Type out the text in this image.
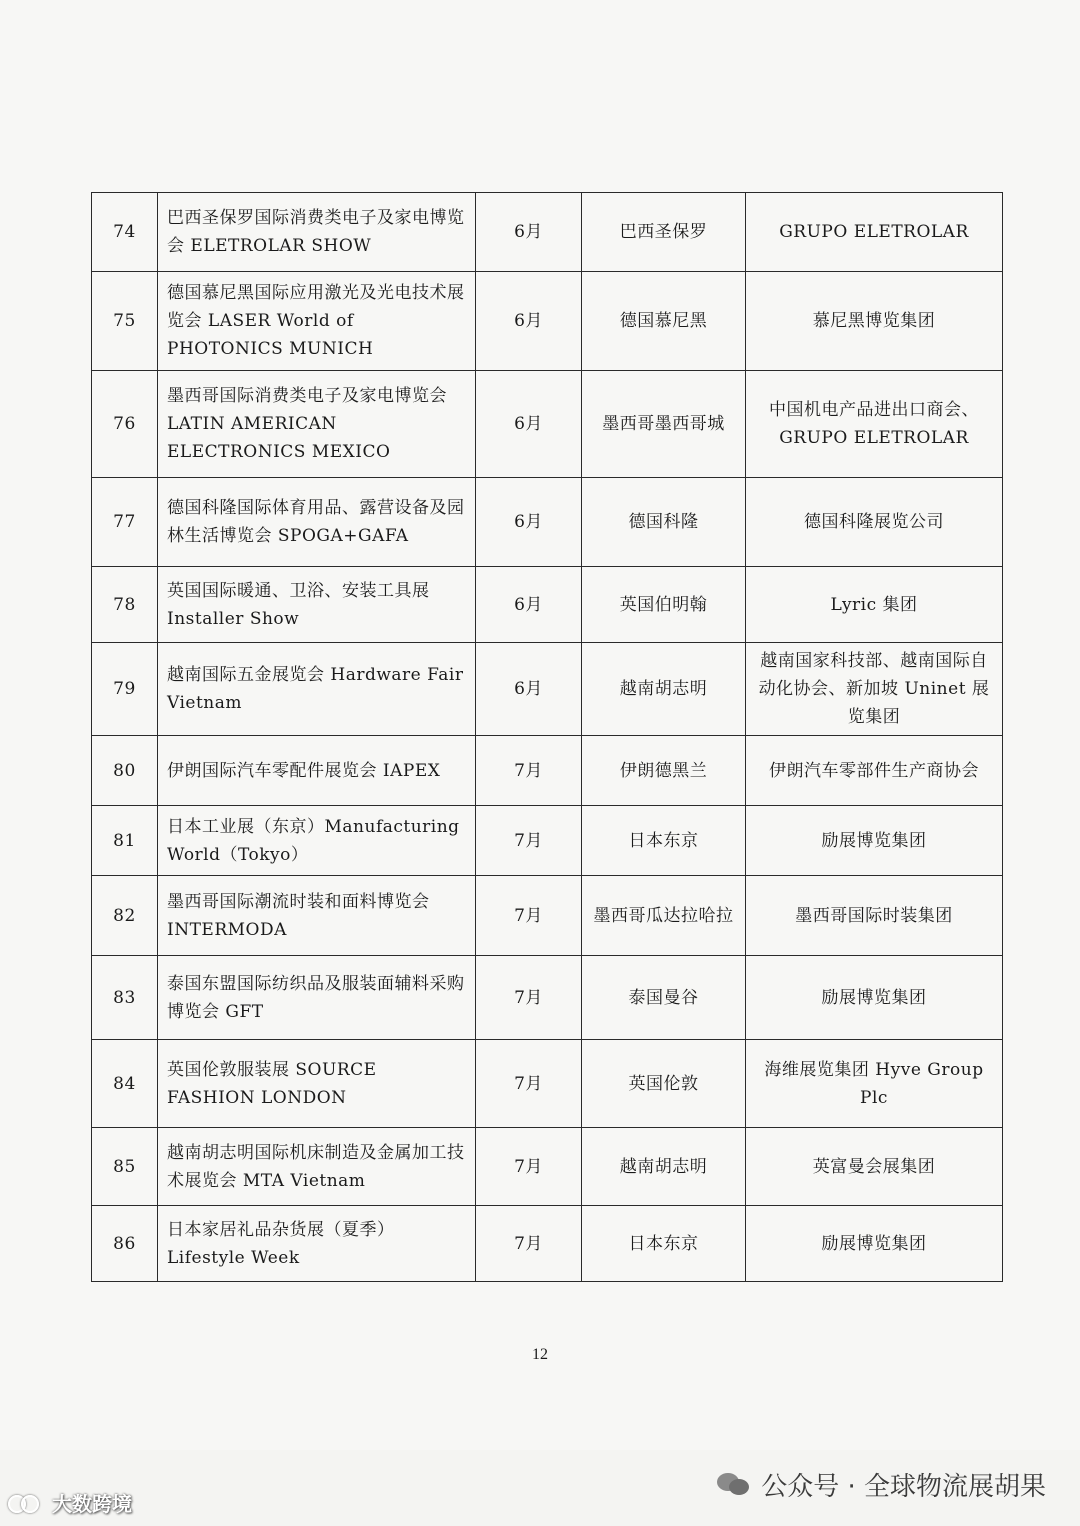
74	巴西圣保罗国际消费类电子及家电博览会 ELETROLAR SHOW	6月	巴西圣保罗	GRUPO ELETROLAR
75	德国慕尼黑国际应用激光及光电技术展览会 LASER World of PHOTONICS MUNICH	6月	德国慕尼黑	慕尼黑博览集团
76	墨西哥国际消费类电子及家电博览会 LATIN AMERICAN ELECTRONICS MEXICO	6月	墨西哥墨西哥城	中国机电产品进出口商会、GRUPO ELETROLAR
77	德国科隆国际体育用品、露营设备及园林生活博览会 SPOGA+GAFA	6月	德国科隆	德国科隆展览公司
78	英国国际暖通、卫浴、安装工具展 Installer Show	6月	英国伯明翰	Lyric 集团
79	越南国际五金展览会 Hardware Fair Vietnam	6月	越南胡志明	越南国家科技部、越南国际自动化协会、新加坡 Uninet 展览集团
80	伊朗国际汽车零配件展览会 IAPEX	7月	伊朗德黑兰	伊朗汽车零部件生产商协会
81	日本工业展（东京）Manufacturing World（Tokyo）	7月	日本东京	励展博览集团
82	墨西哥国际潮流时装和面料博览会 INTERMODA	7月	墨西哥瓜达拉哈拉	墨西哥国际时装集团
83	泰国东盟国际纺织品及服装面辅料采购博览会 GFT	7月	泰国曼谷	励展博览集团
84	英国伦敦服装展 SOURCE FASHION LONDON	7月	英国伦敦	海维展览集团 Hyve Group Plc
85	越南胡志明国际机床制造及金属加工技术展览会 MTA Vietnam	7月	越南胡志明	英富曼会展集团
86	日本家居礼品杂货展（夏季）Lifestyle Week	7月	日本东京	励展博览集团
12
公众号 · 全球物流展胡果
大数跨境
